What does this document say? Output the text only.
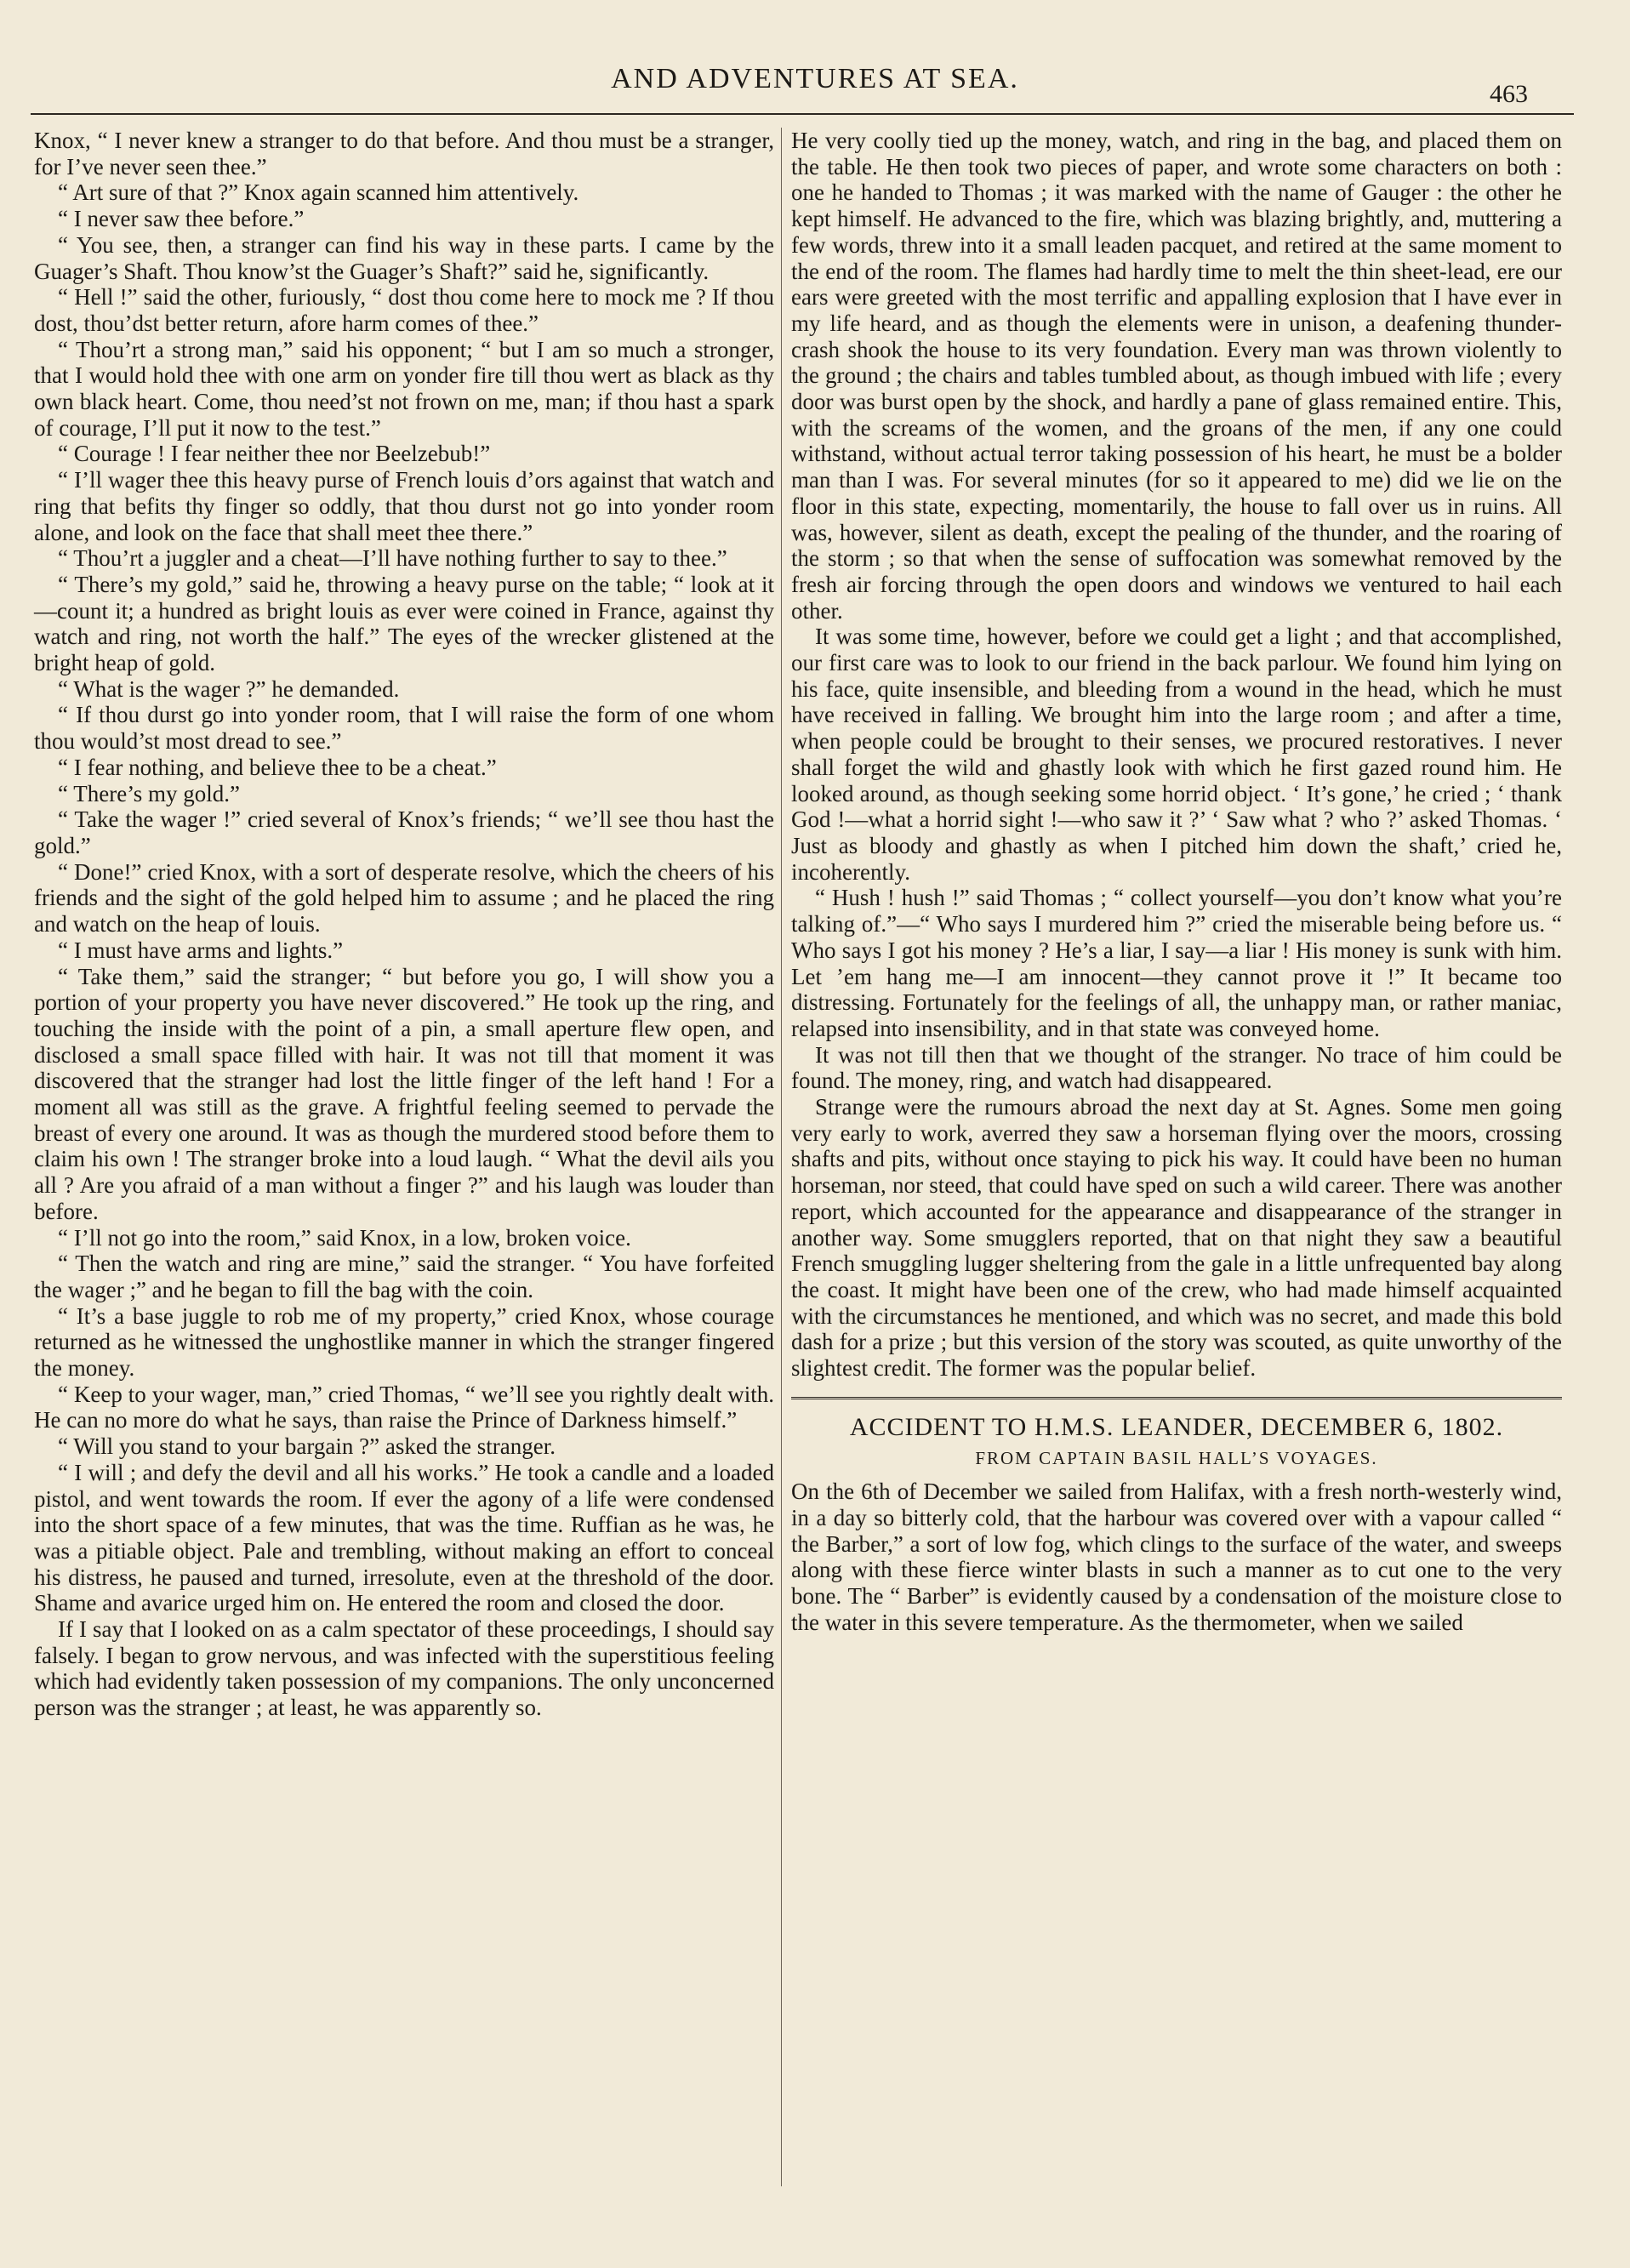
AND ADVENTURES AT SEA.	463

Knox, “ I never knew a stranger to do that before. And thou must be a stranger, for I’ve never seen thee.”

“ Art sure of that ?” Knox again scanned him attentively.

“ I never saw thee before.”

“ You see, then, a stranger can find his way in these parts. I came by the Guager’s Shaft. Thou know’st the Guager’s Shaft?” said he, significantly.

“ Hell !” said the other, furiously, “ dost thou come here to mock me ? If thou dost, thou’dst better return, afore harm comes of thee.”

“ Thou’rt a strong man,” said his opponent; “ but I am so much a stronger, that I would hold thee with one arm on yonder fire till thou wert as black as thy own black heart. Come, thou need’st not frown on me, man; if thou hast a spark of courage, I’ll put it now to the test.”

“ Courage ! I fear neither thee nor Beelzebub!”

“ I’ll wager thee this heavy purse of French louis d’ors against that watch and ring that befits thy finger so oddly, that thou durst not go into yonder room alone, and look on the face that shall meet thee there.”

“ Thou’rt a juggler and a cheat—I’ll have nothing further to say to thee.”

“ There’s my gold,” said he, throwing a heavy purse on the table; “ look at it—count it; a hundred as bright louis as ever were coined in France, against thy watch and ring, not worth the half.” The eyes of the wrecker glistened at the bright heap of gold.

“ What is the wager ?” he demanded.

“ If thou durst go into yonder room, that I will raise the form of one whom thou would’st most dread to see.”

“ I fear nothing, and believe thee to be a cheat.”

“ There’s my gold.”

“ Take the wager !” cried several of Knox’s friends; “ we’ll see thou hast the gold.”

“ Done!” cried Knox, with a sort of desperate resolve, which the cheers of his friends and the sight of the gold helped him to assume ; and he placed the ring and watch on the heap of louis.

“ I must have arms and lights.”

“ Take them,” said the stranger; “ but before you go, I will show you a portion of your property you have never discovered.” He took up the ring, and touching the inside with the point of a pin, a small aperture flew open, and disclosed a small space filled with hair. It was not till that moment it was discovered that the stranger had lost the little finger of the left hand ! For a moment all was still as the grave. A frightful feeling seemed to pervade the breast of every one around. It was as though the murdered stood before them to claim his own ! The stranger broke into a loud laugh. “ What the devil ails you all ? Are you afraid of a man without a finger ?” and his laugh was louder than before.

“ I’ll not go into the room,” said Knox, in a low, broken voice.

“ Then the watch and ring are mine,” said the stranger. “ You have forfeited the wager ;” and he began to fill the bag with the coin.

“ It’s a base juggle to rob me of my property,” cried Knox, whose courage returned as he witnessed the unghostlike manner in which the stranger fingered the money.

“ Keep to your wager, man,” cried Thomas, “ we’ll see you rightly dealt with. He can no more do what he says, than raise the Prince of Darkness himself.”

“ Will you stand to your bargain ?” asked the stranger.

“ I will ; and defy the devil and all his works.” He took a candle and a loaded pistol, and went towards the room. If ever the agony of a life were condensed into the short space of a few minutes, that was the time. Ruffian as he was, he was a pitiable object. Pale and trembling, without making an effort to conceal his distress, he paused and turned, irresolute, even at the threshold of the door. Shame and avarice urged him on. He entered the room and closed the door.

If I say that I looked on as a calm spectator of these proceedings, I should say falsely. I began to grow nervous, and was infected with the superstitious feeling which had evidently taken possession of my companions. The only unconcerned person was the stranger ; at least, he was apparently so.

He very coolly tied up the money, watch, and ring in the bag, and placed them on the table. He then took two pieces of paper, and wrote some characters on both : one he handed to Thomas ; it was marked with the name of Gauger : the other he kept himself. He advanced to the fire, which was blazing brightly, and, muttering a few words, threw into it a small leaden pacquet, and retired at the same moment to the end of the room. The flames had hardly time to melt the thin sheet-lead, ere our ears were greeted with the most terrific and appalling explosion that I have ever in my life heard, and as though the elements were in unison, a deafening thunder-crash shook the house to its very foundation. Every man was thrown violently to the ground ; the chairs and tables tumbled about, as though imbued with life ; every door was burst open by the shock, and hardly a pane of glass remained entire. This, with the screams of the women, and the groans of the men, if any one could withstand, without actual terror taking possession of his heart, he must be a bolder man than I was. For several minutes (for so it appeared to me) did we lie on the floor in this state, expecting, momentarily, the house to fall over us in ruins. All was, however, silent as death, except the pealing of the thunder, and the roaring of the storm ; so that when the sense of suffocation was somewhat removed by the fresh air forcing through the open doors and windows we ventured to hail each other.

It was some time, however, before we could get a light ; and that accomplished, our first care was to look to our friend in the back parlour. We found him lying on his face, quite insensible, and bleeding from a wound in the head, which he must have received in falling. We brought him into the large room ; and after a time, when people could be brought to their senses, we procured restoratives. I never shall forget the wild and ghastly look with which he first gazed round him. He looked around, as though seeking some horrid object. ‘ It’s gone,’ he cried ; ‘ thank God !—what a horrid sight !—who saw it ?’ ‘ Saw what ? who ?’ asked Thomas. ‘ Just as bloody and ghastly as when I pitched him down the shaft,’ cried he, incoherently.

“ Hush ! hush !” said Thomas ; “ collect yourself—you don’t know what you’re talking of.”—“ Who says I murdered him ?” cried the miserable being before us. “ Who says I got his money ? He’s a liar, I say—a liar ! His money is sunk with him. Let ’em hang me—I am innocent—they cannot prove it !” It became too distressing. Fortunately for the feelings of all, the unhappy man, or rather maniac, relapsed into insensibility, and in that state was conveyed home.

It was not till then that we thought of the stranger. No trace of him could be found. The money, ring, and watch had disappeared.

Strange were the rumours abroad the next day at St. Agnes. Some men going very early to work, averred they saw a horseman flying over the moors, crossing shafts and pits, without once staying to pick his way. It could have been no human horseman, nor steed, that could have sped on such a wild career. There was another report, which accounted for the appearance and disappearance of the stranger in another way. Some smugglers reported, that on that night they saw a beautiful French smuggling lugger sheltering from the gale in a little unfrequented bay along the coast. It might have been one of the crew, who had made himself acquainted with the circumstances he mentioned, and which was no secret, and made this bold dash for a prize ; but this version of the story was scouted, as quite unworthy of the slightest credit. The former was the popular belief.

ACCIDENT TO H.M.S. LEANDER, DECEMBER 6, 1802.
FROM CAPTAIN BASIL HALL’S VOYAGES.

On the 6th of December we sailed from Halifax, with a fresh north-westerly wind, in a day so bitterly cold, that the harbour was covered over with a vapour called “ the Barber,” a sort of low fog, which clings to the surface of the water, and sweeps along with these fierce winter blasts in such a manner as to cut one to the very bone. The “ Barber” is evidently caused by a condensation of the moisture close to the water in this severe temperature. As the thermometer, when we sailed
